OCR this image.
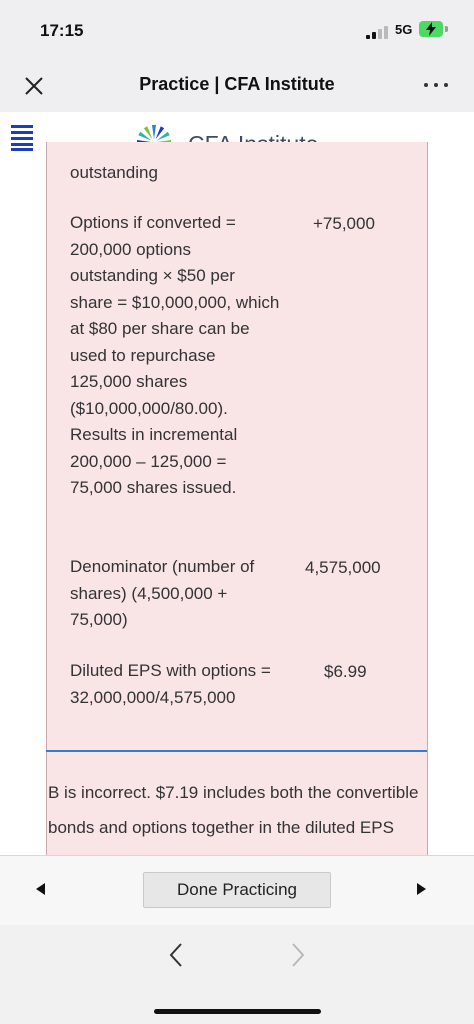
17:15	5G
Practice | CFA Institute
outstanding
Options if converted = 200,000 options outstanding × $50 per share = $10,000,000, which at $80 per share can be used to repurchase 125,000 shares ($10,000,000/80.00). Results in incremental 200,000 – 125,000 = 75,000 shares issued.
+75,000
Denominator (number of shares) (4,500,000 + 75,000)
4,575,000
Diluted EPS with options = 32,000,000/4,575,000
$6.99
B is incorrect. $7.19 includes both the convertible bonds and options together in the diluted EPS
Done Practicing
